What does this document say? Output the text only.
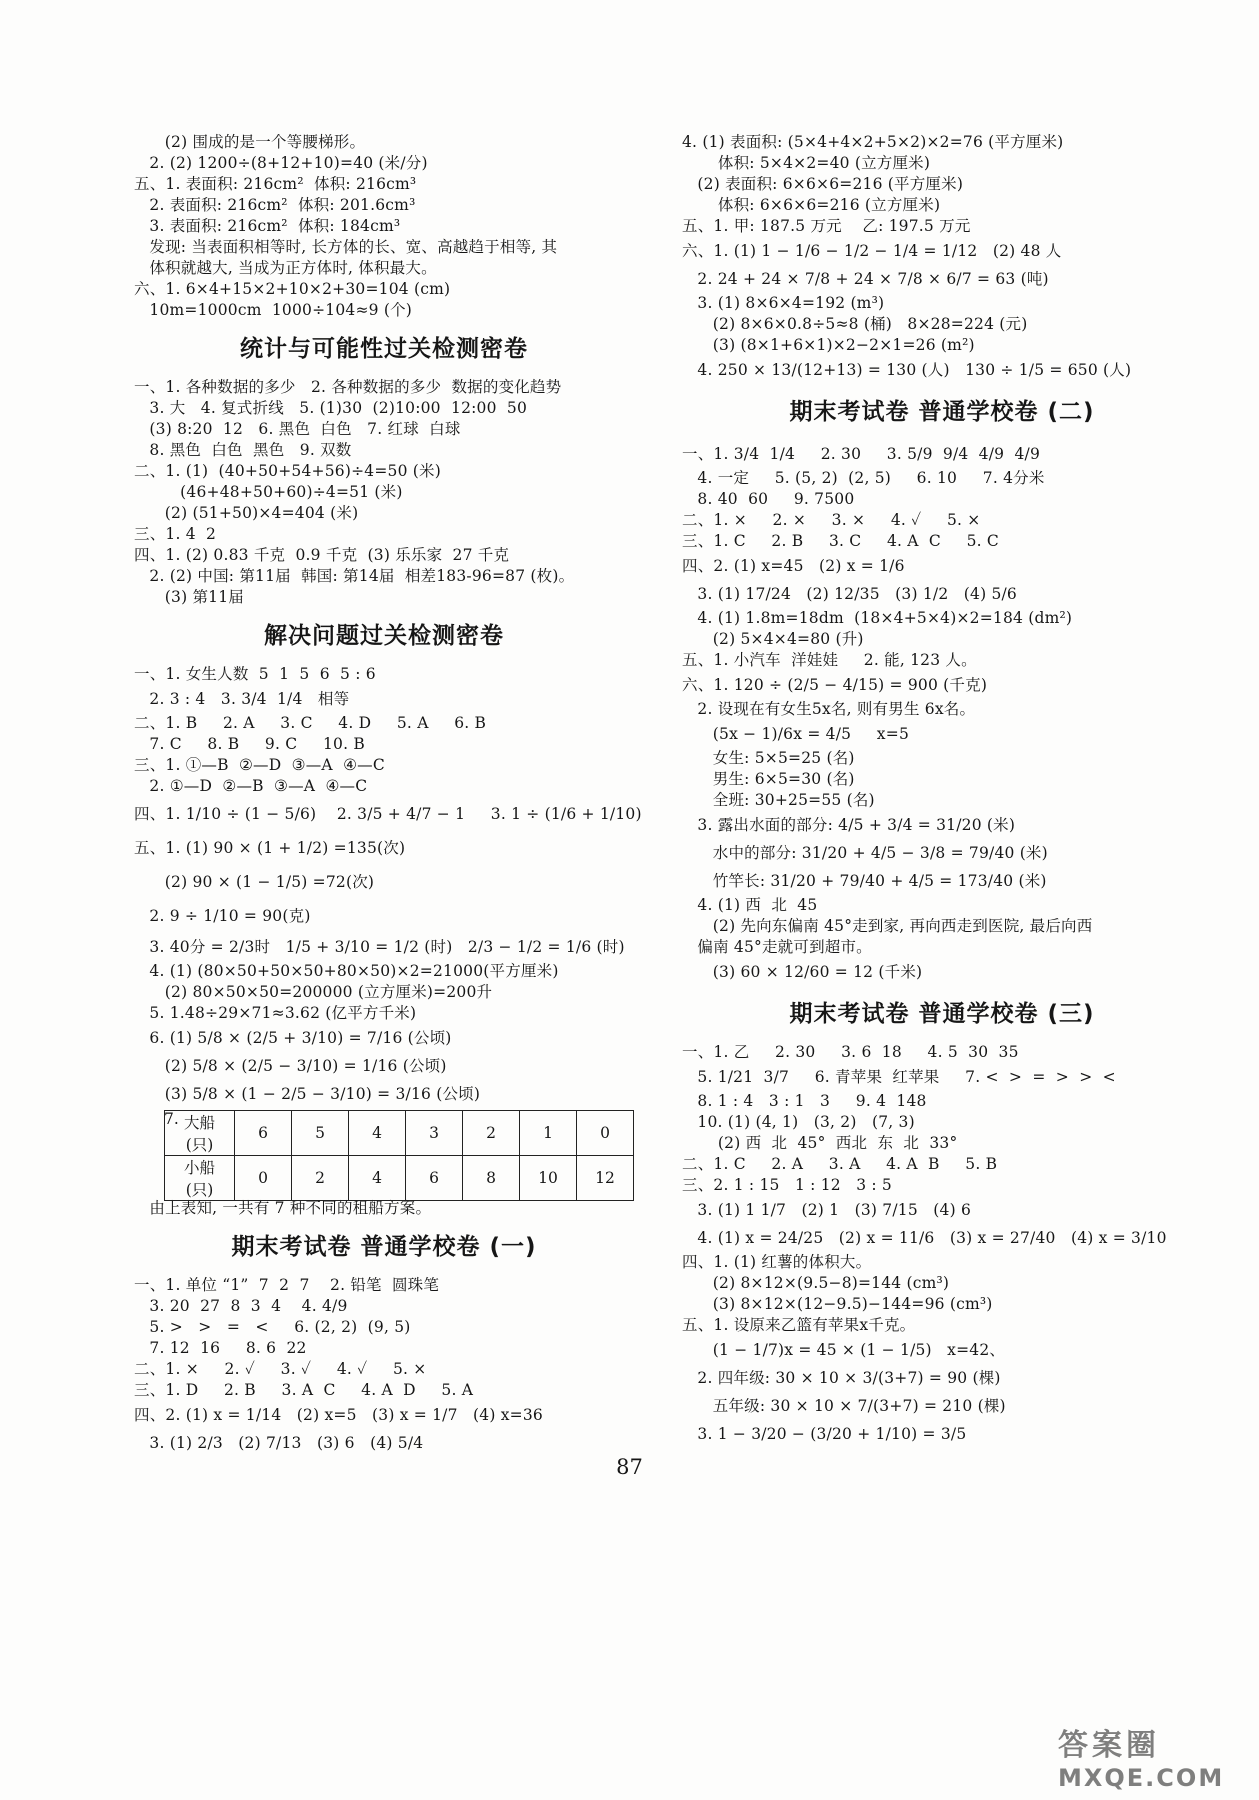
(2) 围成的是一个等腰梯形。
2. (2) 1200÷(8+12+10)=40 (米/分)
五、1. 表面积: 216cm²  体积: 216cm³
2. 表面积: 216cm²  体积: 201.6cm³
3. 表面积: 216cm²  体积: 184cm³
发现: 当表面积相等时, 长方体的长、宽、高越趋于相等, 其
体积就越大, 当成为正方体时, 体积最大。
六、1. 6×4+15×2+10×2+30=104 (cm)
10m=1000cm  1000÷104≈9 (个)
统计与可能性过关检测密卷
一、1. 各种数据的多少   2. 各种数据的多少  数据的变化趋势
3. 大   4. 复式折线   5. (1)30  (2)10:00  12:00  50
(3) 8:20  12   6. 黑色  白色   7. 红球  白球
8. 黑色  白色  黑色   9. 双数
二、1. (1)  (40+50+54+56)÷4=50 (米)
(46+48+50+60)÷4=51 (米)
(2) (51+50)×4=404 (米)
三、1. 4  2
四、1. (2) 0.83 千克  0.9 千克  (3) 乐乐家  27 千克
2. (2) 中国: 第11届  韩国: 第14届  相差183-96=87 (枚)。
(3) 第11届
解决问题过关检测密卷
一、1. 女生人数  5  1  5  6  5 : 6
2. 3 : 4   3. 3/4  1/4   相等
二、1. B     2. A     3. C     4. D     5. A     6. B
7. C     8. B     9. C     10. B
三、1. ①—B  ②—D  ③—A  ④—C
2. ①—D  ②—B  ③—A  ④—C
四、1. 1/10 ÷ (1 − 5/6)    2. 3/5 + 4/7 − 1     3. 1 ÷ (1/6 + 1/10)
五、1. (1) 90 × (1 + 1/2) =135(次)
(2) 90 × (1 − 1/5) =72(次)
2. 9 ÷ 1/10 = 90(克)
3. 40分 = 2/3时   1/5 + 3/10 = 1/2 (时)   2/3 − 1/2 = 1/6 (时)
4. (1) (80×50+50×50+80×50)×2=21000(平方厘米)
(2) 80×50×50=200000 (立方厘米)=200升
5. 1.48÷29×71≈3.62 (亿平方千米)
6. (1) 5/8 × (2/5 + 3/10) = 7/16 (公顷)
(2) 5/8 × (2/5 − 3/10) = 1/16 (公顷)
(3) 5/8 × (1 − 2/5 − 3/10) = 3/16 (公顷)
7. 大船 (只)	6	5	4	3	2	1	0
小船 (只)	0	2	4	6	8	10	12
由上表知, 一共有 7 种不同的租船方案。
期末考试卷 普通学校卷 (一)
一、1. 单位 “1”  7  2  7    2. 铅笔  圆珠笔
3. 20  27  8  3  4    4. 4/9
5. >   >   =   <     6. (2, 2)  (9, 5)
7. 12  16     8. 6  22
二、1. ×     2. ✓     3. ✓     4. ✓     5. ×
三、1. D     2. B     3. A  C     4. A  D     5. A
四、2. (1) x = 1/14   (2) x=5   (3) x = 1/7   (4) x=36
3. (1) 2/3   (2) 7/13   (3) 6   (4) 5/4
4. (1) 表面积: (5×4+4×2+5×2)×2=76 (平方厘米)
体积: 5×4×2=40 (立方厘米)
(2) 表面积: 6×6×6=216 (平方厘米)
体积: 6×6×6=216 (立方厘米)
五、1. 甲: 187.5 万元    乙: 197.5 万元
六、1. (1) 1 − 1/6 − 1/2 − 1/4 = 1/12   (2) 48 人
2. 24 + 24 × 7/8 + 24 × 7/8 × 6/7 = 63 (吨)
3. (1) 8×6×4=192 (m³)
(2) 8×6×0.8÷5≈8 (桶)   8×28=224 (元)
(3) (8×1+6×1)×2−2×1=26 (m²)
4. 250 × 13/(12+13) = 130 (人)   130 ÷ 1/5 = 650 (人)
期末考试卷 普通学校卷 (二)
一、1. 3/4  1/4     2. 30     3. 5/9  9/4  4/9  4/9
4. 一定     5. (5, 2)  (2, 5)     6. 10     7. 4分米
8. 40  60     9. 7500
二、1. ×     2. ×     3. ×     4. ✓     5. ×
三、1. C     2. B     3. C     4. A  C     5. C
四、2. (1) x=45   (2) x = 1/6
3. (1) 17/24   (2) 12/35   (3) 1/2   (4) 5/6
4. (1) 1.8m=18dm  (18×4+5×4)×2=184 (dm²)
(2) 5×4×4=80 (升)
五、1. 小汽车  洋娃娃     2. 能, 123 人。
六、1. 120 ÷ (2/5 − 4/15) = 900 (千克)
2. 设现在有女生5x名, 则有男生 6x名。
(5x − 1)/6x = 4/5     x=5
女生: 5×5=25 (名)
男生: 6×5=30 (名)
全班: 30+25=55 (名)
3. 露出水面的部分: 4/5 + 3/4 = 31/20 (米)
水中的部分: 31/20 + 4/5 − 3/8 = 79/40 (米)
竹竿长: 31/20 + 79/40 + 4/5 = 173/40 (米)
4. (1) 西  北  45
(2) 先向东偏南 45°走到家, 再向西走到医院, 最后向西
偏南 45°走就可到超市。
(3) 60 × 12/60 = 12 (千米)
期末考试卷 普通学校卷 (三)
一、1. 乙     2. 30     3. 6  18     4. 5  30  35
5. 1/21  3/7     6. 青苹果  红苹果     7. <  >  =  >  >  <
8. 1 : 4   3 : 1   3     9. 4  148
10. (1) (4, 1)   (3, 2)   (7, 3)
(2) 西  北  45°  西北  东  北  33°
二、1. C     2. A     3. A     4. A  B     5. B
三、2. 1 : 15   1 : 12   3 : 5
3. (1) 1 1/7   (2) 1   (3) 7/15   (4) 6
4. (1) x = 24/25   (2) x = 11/6   (3) x = 27/40   (4) x = 3/10
四、1. (1) 红薯的体积大。
(2) 8×12×(9.5−8)=144 (cm³)
(3) 8×12×(12−9.5)−144=96 (cm³)
五、1. 设原来乙篮有苹果x千克。
(1 − 1/7)x = 45 × (1 − 1/5)   x=42、
2. 四年级: 30 × 10 × 3/(3+7) = 90 (棵)
五年级: 30 × 10 × 7/(3+7) = 210 (棵)
3. 1 − 3/20 − (3/20 + 1/10) = 3/5
87
答案圈
MXQE.COM
